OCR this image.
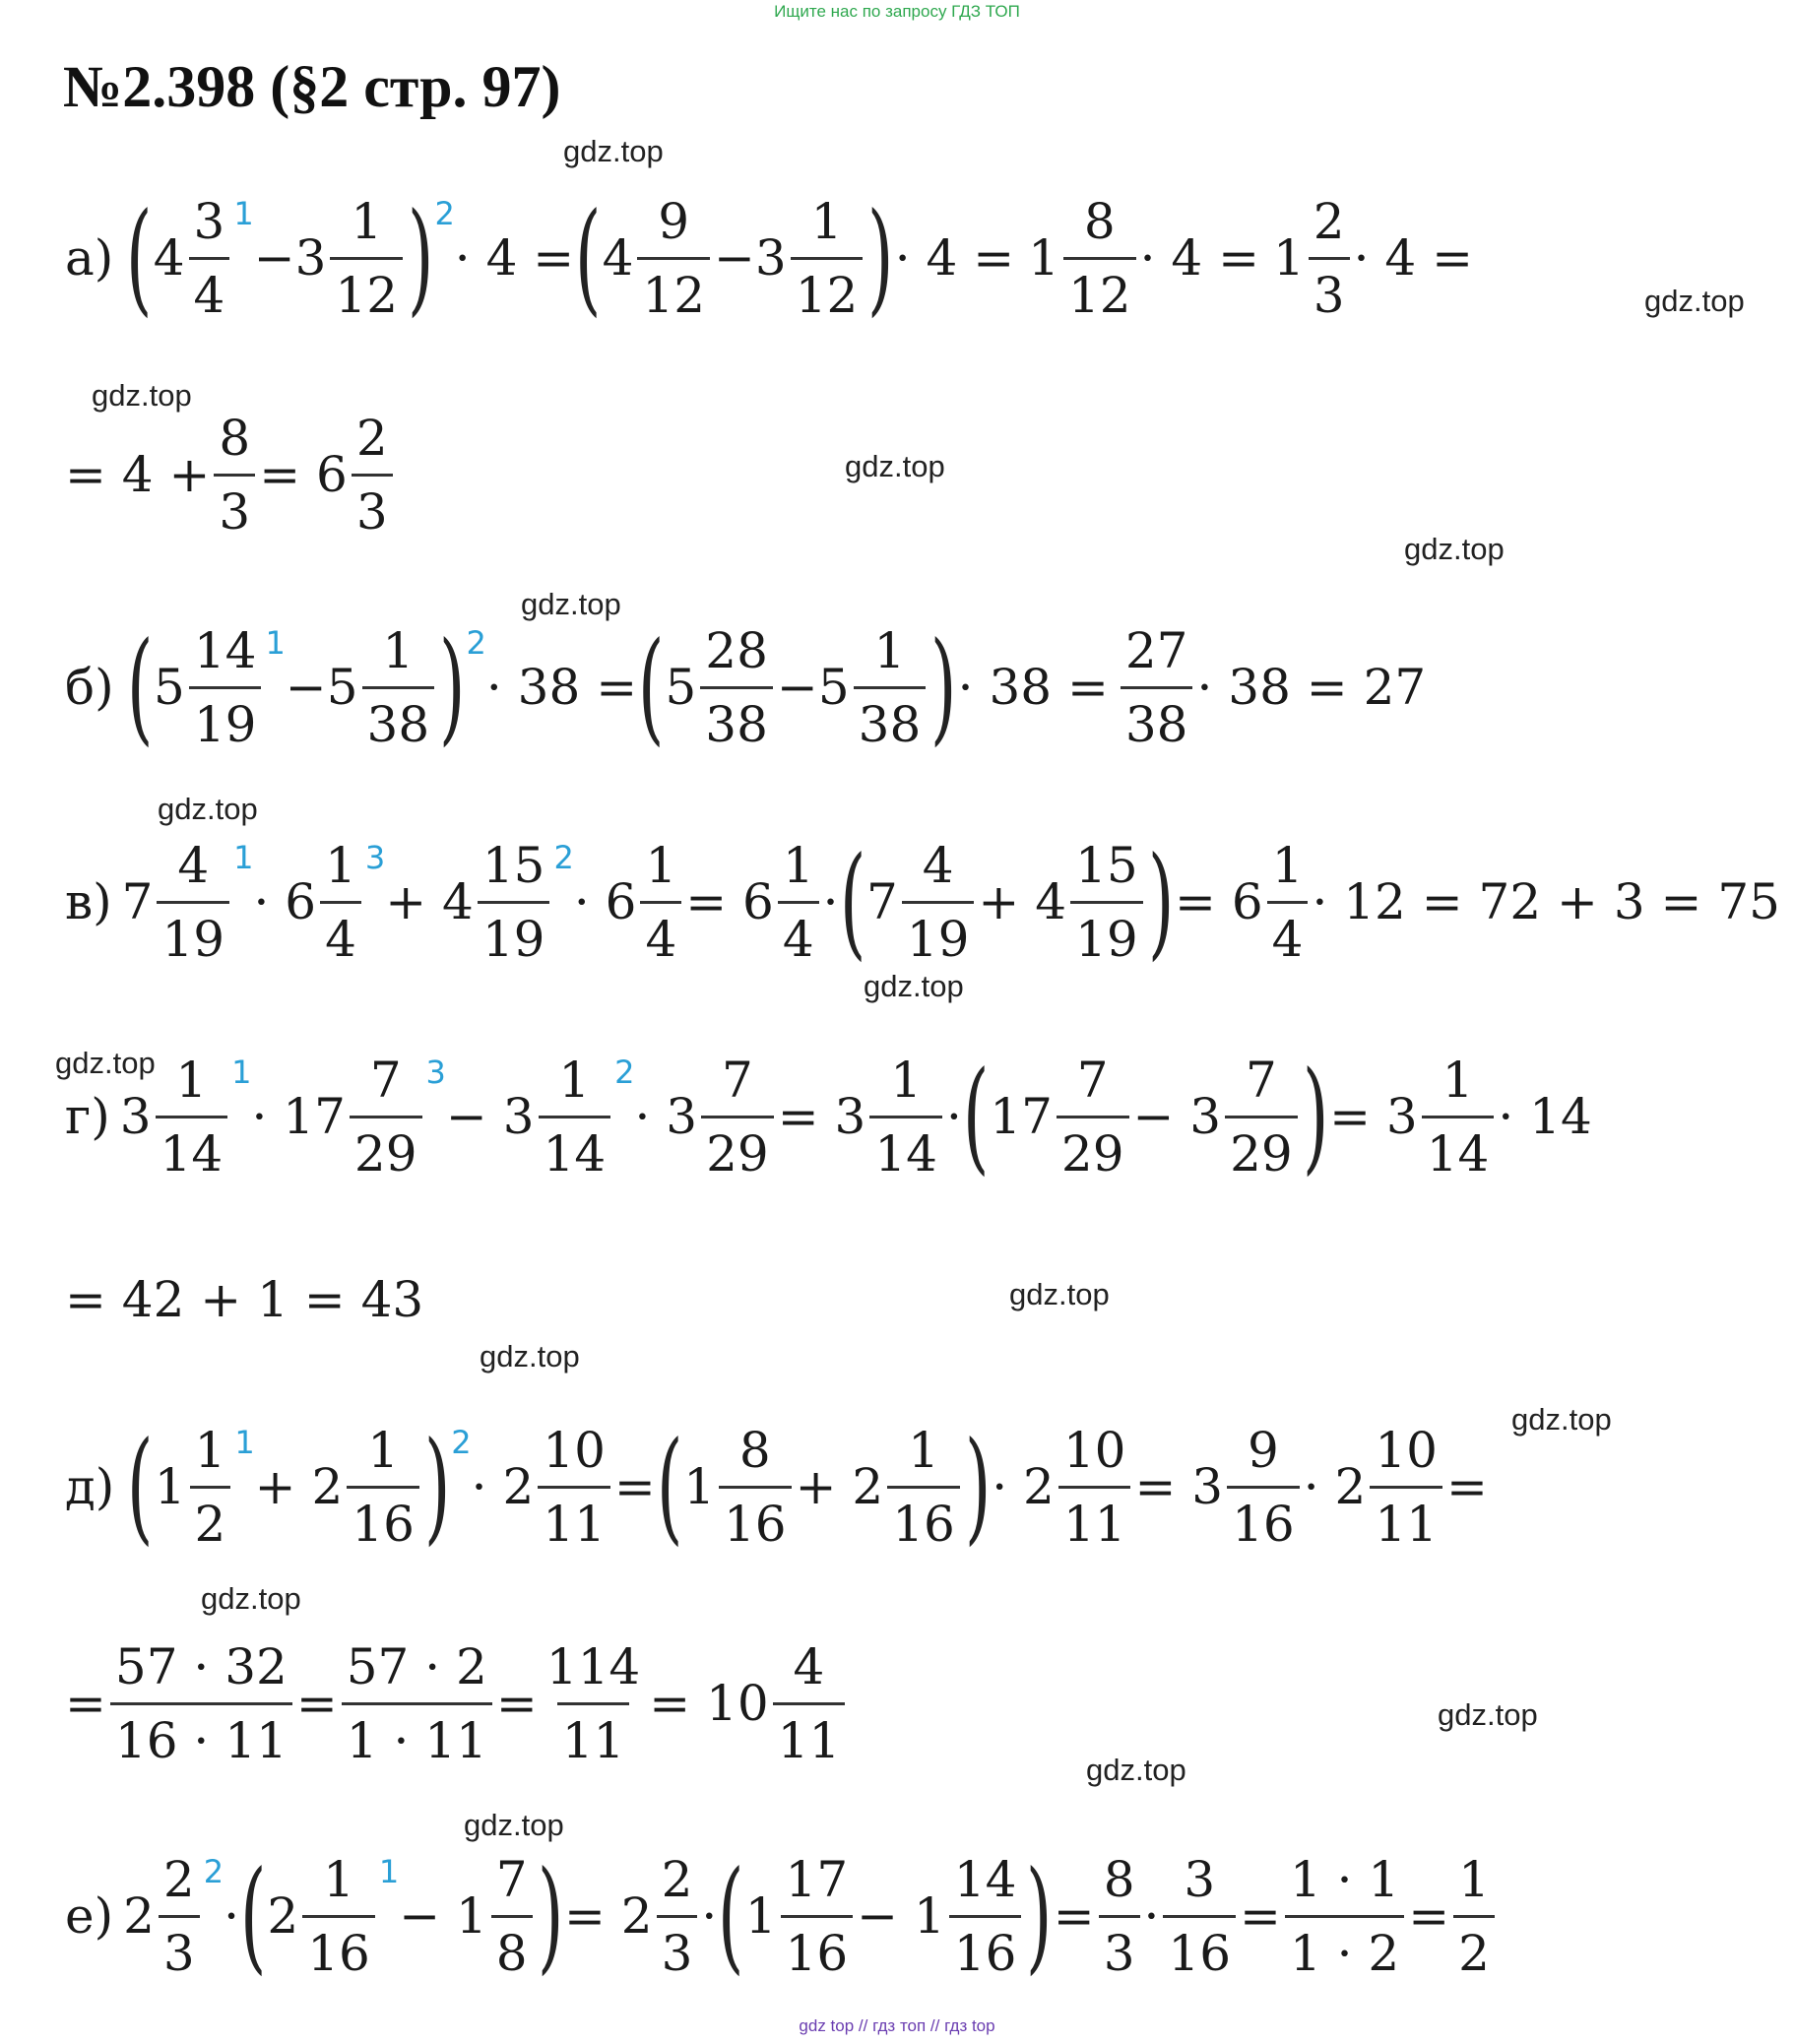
Ищите нас по запросу ГДЗ ТОП
№2.398 (§2 стр. 97)
gdz.top
gdz.top
gdz.top
gdz.top
gdz.top
gdz.top
gdz.top
gdz.top
gdz.top
gdz.top
gdz.top
gdz.top
gdz.top
gdz.top
gdz.top
gdz.top
а) ( $4 \frac{3}{4} 1$
− $3 \frac{1}{12}$ ) 2
· 4 = ( $4 \frac{9}{12} - 3 \frac{1}{12}$ ) · $4 = 1 \frac{8}{12} \cdot 4 = 1 \frac{2}{3} \cdot 4$ =
= $4 + \frac{8}{3} = 6 \frac{2}{3}$
б) ( $5 \frac{14}{19} 1$
− $5 \frac{1}{38}$ ) 2
· 38 = ( $5 \frac{28}{38} - 5 \frac{1}{38}$ ) · $38 = \frac{27}{38} \cdot 38 = 27$
в) $7 \frac{4}{19} 1$
· $6 \frac{1}{4} 3$
+ $4 \frac{15}{19} 2$
· $6 \frac{1}{4} = 6 \frac{1}{4}$ · ( $7 \frac{4}{19} + 4 \frac{15}{19}$ ) = $6 \frac{1}{4} \cdot 12 = 72 + 3 = 75$
г) $3 \frac{1}{14} 1$
· $17 \frac{7}{29} 3$
− $3 \frac{1}{14} 2$
· $3 \frac{7}{29} = 3 \frac{1}{14}$ · ( $17 \frac{7}{29} - 3 \frac{7}{29}$ ) = $3 \frac{1}{14} \cdot 14$
= 42 + 1 = 43
д) ( $1 \frac{1}{2} 1$
+ $2 \frac{1}{16}$ ) 2
· $2 \frac{10}{11}$ = ( $1 \frac{8}{16} + 2 \frac{1}{16}$ ) · $2 \frac{10}{11} = 3 \frac{9}{16} \cdot 2 \frac{10}{11}$ =
= $\frac{57 \cdot 32}{16 \cdot 11} = \frac{57 \cdot 2}{1 \cdot 11} = \frac{114}{11} = 10 \frac{4}{11}$
е) $2 \frac{2}{3} 2$
· ( $2 \frac{1}{16} 1$
− $1 \frac{7}{8}$ ) = $2 \frac{2}{3}$ · ( $1 \frac{17}{16} - 1 \frac{14}{16}$ ) = $\frac{8}{3} \cdot \frac{3}{16} = \frac{1 \cdot 1}{1 \cdot 2} = \frac{1}{2}$
gdz top // гдз топ // гдз top
